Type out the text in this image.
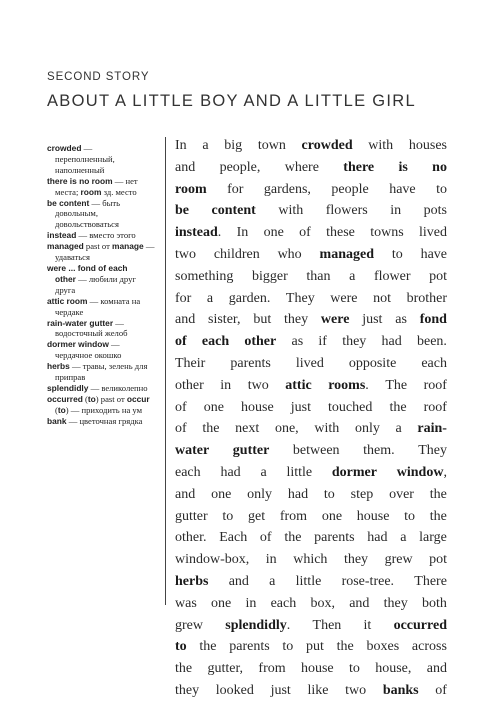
SECOND STORY
ABOUT A LITTLE BOY AND A LITTLE GIRL
crowded —
переполненный,
наполненный
there is no room — нет
места; room зд. место
be content — быть
довольным,
довольствоваться
instead — вместо этого
managed past от manage —
удаваться
were ... fond of each
other — любили друг
друга
attic room — комната на
чердаке
rain-water gutter —
водосточный желоб
dormer window —
чердачное окошко
herbs — травы, зелень для
приправ
splendidly — великолепно
occurred (to) past от occur
(to) — приходить на ум
bank — цветочная грядка
In a big town crowded with houses
and people, where there is no
room for gardens, people have to
be content with flowers in pots
instead. In one of these towns lived
two children who managed to have
something bigger than a flower pot
for a garden. They were not brother
and sister, but they were just as fond
of each other as if they had been.
Their parents lived opposite each
other in two attic rooms. The roof
of one house just touched the roof
of the next one, with only a rain-
water gutter between them. They
each had a little dormer window,
and one only had to step over the
gutter to get from one house to the
other. Each of the parents had a large
window-box, in which they grew pot
herbs and a little rose-tree. There
was one in each box, and they both
grew splendidly. Then it occurred
to the parents to put the boxes across
the gutter, from house to house, and
they looked just like two banks of
